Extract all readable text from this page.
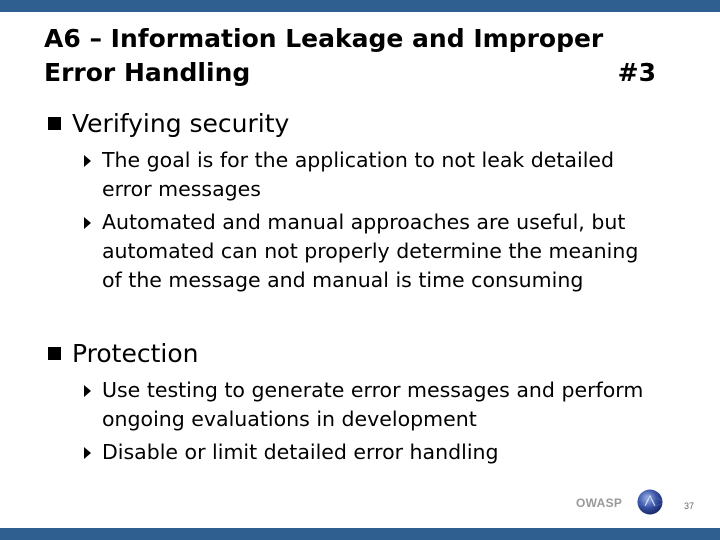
A6 – Information Leakage and Improper
Error Handling	#3
Verifying security
The goal is for the application to not leak detailed error messages
Automated and manual approaches are useful, but automated can not properly determine the meaning of the message and manual is time consuming
Protection
Use testing to generate error messages and perform ongoing evaluations in development
Disable or limit detailed error handling
OWASP	37
